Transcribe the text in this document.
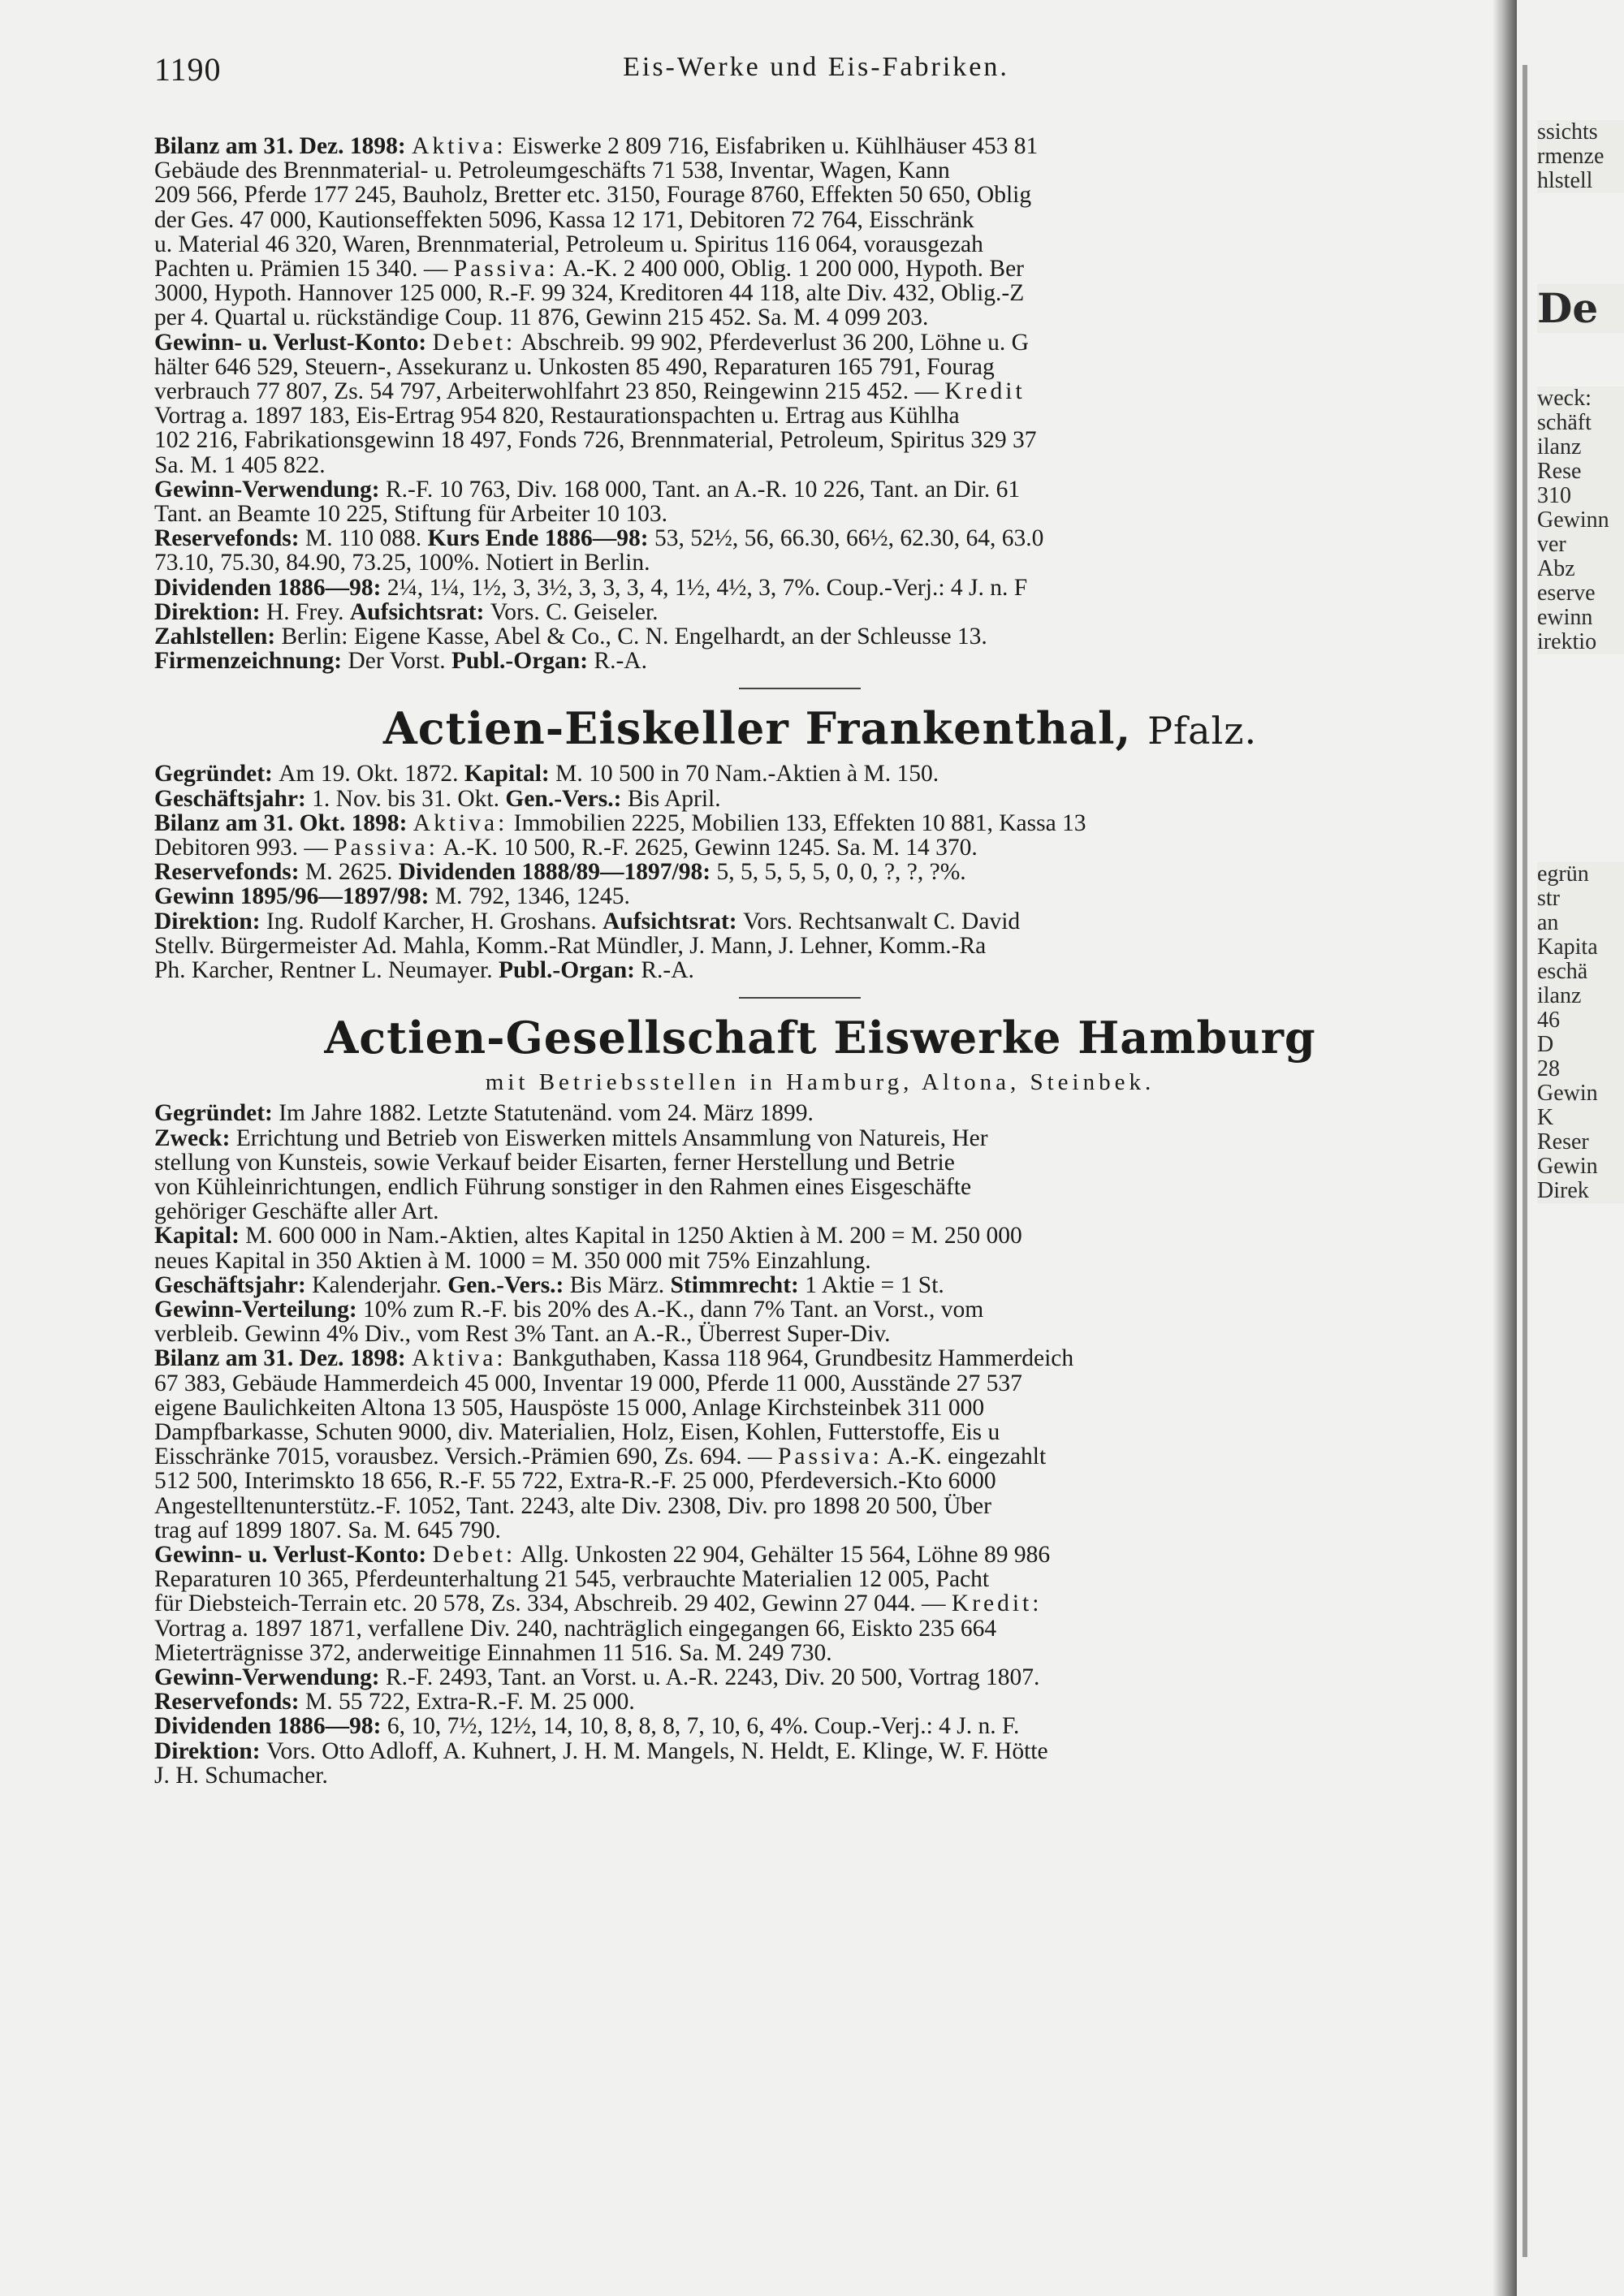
1190	Eis-Werke und Eis-Fabriken.
Bilanz am 31. Dez. 1898: Aktiva: Eiswerke 2 809 716, Eisfabriken u. Kühlhäuser 453 81
Gebäude des Brennmaterial- u. Petroleumgeschäfts 71 538, Inventar, Wagen, Kann
209 566, Pferde 177 245, Bauholz, Bretter etc. 3150, Fourage 8760, Effekten 50 650, Oblig
der Ges. 47 000, Kautionseffekten 5096, Kassa 12 171, Debitoren 72 764, Eisschränk
u. Material 46 320, Waren, Brennmaterial, Petroleum u. Spiritus 116 064, vorausgezah
Pachten u. Prämien 15 340. — Passiva: A.-K. 2 400 000, Oblig. 1 200 000, Hypoth. Ber
3000, Hypoth. Hannover 125 000, R.-F. 99 324, Kreditoren 44 118, alte Div. 432, Oblig.-Z
per 4. Quartal u. rückständige Coup. 11 876, Gewinn 215 452. Sa. M. 4 099 203.
Gewinn- u. Verlust-Konto: Debet: Abschreib. 99 902, Pferdeverlust 36 200, Löhne u. G
hälter 646 529, Steuern-, Assekuranz u. Unkosten 85 490, Reparaturen 165 791, Fourag
verbrauch 77 807, Zs. 54 797, Arbeiterwohlfahrt 23 850, Reingewinn 215 452. — Kredit
Vortrag a. 1897 183, Eis-Ertrag 954 820, Restaurationspachten u. Ertrag aus Kühlha
102 216, Fabrikationsgewinn 18 497, Fonds 726, Brennmaterial, Petroleum, Spiritus 329 37
Sa. M. 1 405 822.
Gewinn-Verwendung: R.-F. 10 763, Div. 168 000, Tant. an A.-R. 10 226, Tant. an Dir. 61
Tant. an Beamte 10 225, Stiftung für Arbeiter 10 103.
Reservefonds: M. 110 088. Kurs Ende 1886—98: 53, 52½, 56, 66.30, 66½, 62.30, 64, 63.0
73.10, 75.30, 84.90, 73.25, 100%. Notiert in Berlin.
Dividenden 1886—98: 2¼, 1¼, 1½, 3, 3½, 3, 3, 3, 4, 1½, 4½, 3, 7%. Coup.-Verj.: 4 J. n. F
Direktion: H. Frey. Aufsichtsrat: Vors. C. Geiseler.
Zahlstellen: Berlin: Eigene Kasse, Abel & Co., C. N. Engelhardt, an der Schleusse 13.
Firmenzeichnung: Der Vorst. Publ.-Organ: R.-A.
Actien-Eiskeller Frankenthal, Pfalz.
Gegründet: Am 19. Okt. 1872. Kapital: M. 10 500 in 70 Nam.-Aktien à M. 150.
Geschäftsjahr: 1. Nov. bis 31. Okt. Gen.-Vers.: Bis April.
Bilanz am 31. Okt. 1898: Aktiva: Immobilien 2225, Mobilien 133, Effekten 10 881, Kassa 13
Debitoren 993. — Passiva: A.-K. 10 500, R.-F. 2625, Gewinn 1245. Sa. M. 14 370.
Reservefonds: M. 2625. Dividenden 1888/89—1897/98: 5, 5, 5, 5, 5, 0, 0, ?, ?, ?%.
Gewinn 1895/96—1897/98: M. 792, 1346, 1245.
Direktion: Ing. Rudolf Karcher, H. Groshans. Aufsichtsrat: Vors. Rechtsanwalt C. David
Stellv. Bürgermeister Ad. Mahla, Komm.-Rat Mündler, J. Mann, J. Lehner, Komm.-Ra
Ph. Karcher, Rentner L. Neumayer. Publ.-Organ: R.-A.
Actien-Gesellschaft Eiswerke Hamburg
mit Betriebsstellen in Hamburg, Altona, Steinbek.
Gegründet: Im Jahre 1882. Letzte Statutenänd. vom 24. März 1899.
Zweck: Errichtung und Betrieb von Eiswerken mittels Ansammlung von Natureis, Her
stellung von Kunsteis, sowie Verkauf beider Eisarten, ferner Herstellung und Betrie
von Kühleinrichtungen, endlich Führung sonstiger in den Rahmen eines Eisgeschäfte
gehöriger Geschäfte aller Art.
Kapital: M. 600 000 in Nam.-Aktien, altes Kapital in 1250 Aktien à M. 200 = M. 250 000
neues Kapital in 350 Aktien à M. 1000 = M. 350 000 mit 75% Einzahlung.
Geschäftsjahr: Kalenderjahr. Gen.-Vers.: Bis März. Stimmrecht: 1 Aktie = 1 St.
Gewinn-Verteilung: 10% zum R.-F. bis 20% des A.-K., dann 7% Tant. an Vorst., vom
verbleib. Gewinn 4% Div., vom Rest 3% Tant. an A.-R., Überrest Super-Div.
Bilanz am 31. Dez. 1898: Aktiva: Bankguthaben, Kassa 118 964, Grundbesitz Hammerdeich
67 383, Gebäude Hammerdeich 45 000, Inventar 19 000, Pferde 11 000, Ausstände 27 537
eigene Baulichkeiten Altona 13 505, Hauspöste 15 000, Anlage Kirchsteinbek 311 000
Dampfbarkasse, Schuten 9000, div. Materialien, Holz, Eisen, Kohlen, Futterstoffe, Eis u
Eisschränke 7015, vorausbez. Versich.-Prämien 690, Zs. 694. — Passiva: A.-K. eingezahlt
512 500, Interimskto 18 656, R.-F. 55 722, Extra-R.-F. 25 000, Pferdeversich.-Kto 6000
Angestelltenunterstütz.-F. 1052, Tant. 2243, alte Div. 2308, Div. pro 1898 20 500, Über
trag auf 1899 1807. Sa. M. 645 790.
Gewinn- u. Verlust-Konto: Debet: Allg. Unkosten 22 904, Gehälter 15 564, Löhne 89 986
Reparaturen 10 365, Pferdeunterhaltung 21 545, verbrauchte Materialien 12 005, Pacht
für Diebsteich-Terrain etc. 20 578, Zs. 334, Abschreib. 29 402, Gewinn 27 044. — Kredit:
Vortrag a. 1897 1871, verfallene Div. 240, nachträglich eingegangen 66, Eiskto 235 664
Mieterträgnisse 372, anderweitige Einnahmen 11 516. Sa. M. 249 730.
Gewinn-Verwendung: R.-F. 2493, Tant. an Vorst. u. A.-R. 2243, Div. 20 500, Vortrag 1807.
Reservefonds: M. 55 722, Extra-R.-F. M. 25 000.
Dividenden 1886—98: 6, 10, 7½, 12½, 14, 10, 8, 8, 8, 7, 10, 6, 4%. Coup.-Verj.: 4 J. n. F.
Direktion: Vors. Otto Adloff, A. Kuhnert, J. H. M. Mangels, N. Heldt, E. Klinge, W. F. Hötte
J. H. Schumacher.
ssichts
rmenze
hlstell
De
weck:
schäft
ilanz
Rese
310
Gewinn
ver
Abz
eserve
ewinn
irektio
egrün
str
an
Kapita
eschä
ilanz
46
D
28
Gewin
K
Reser
Gewin
Direk
